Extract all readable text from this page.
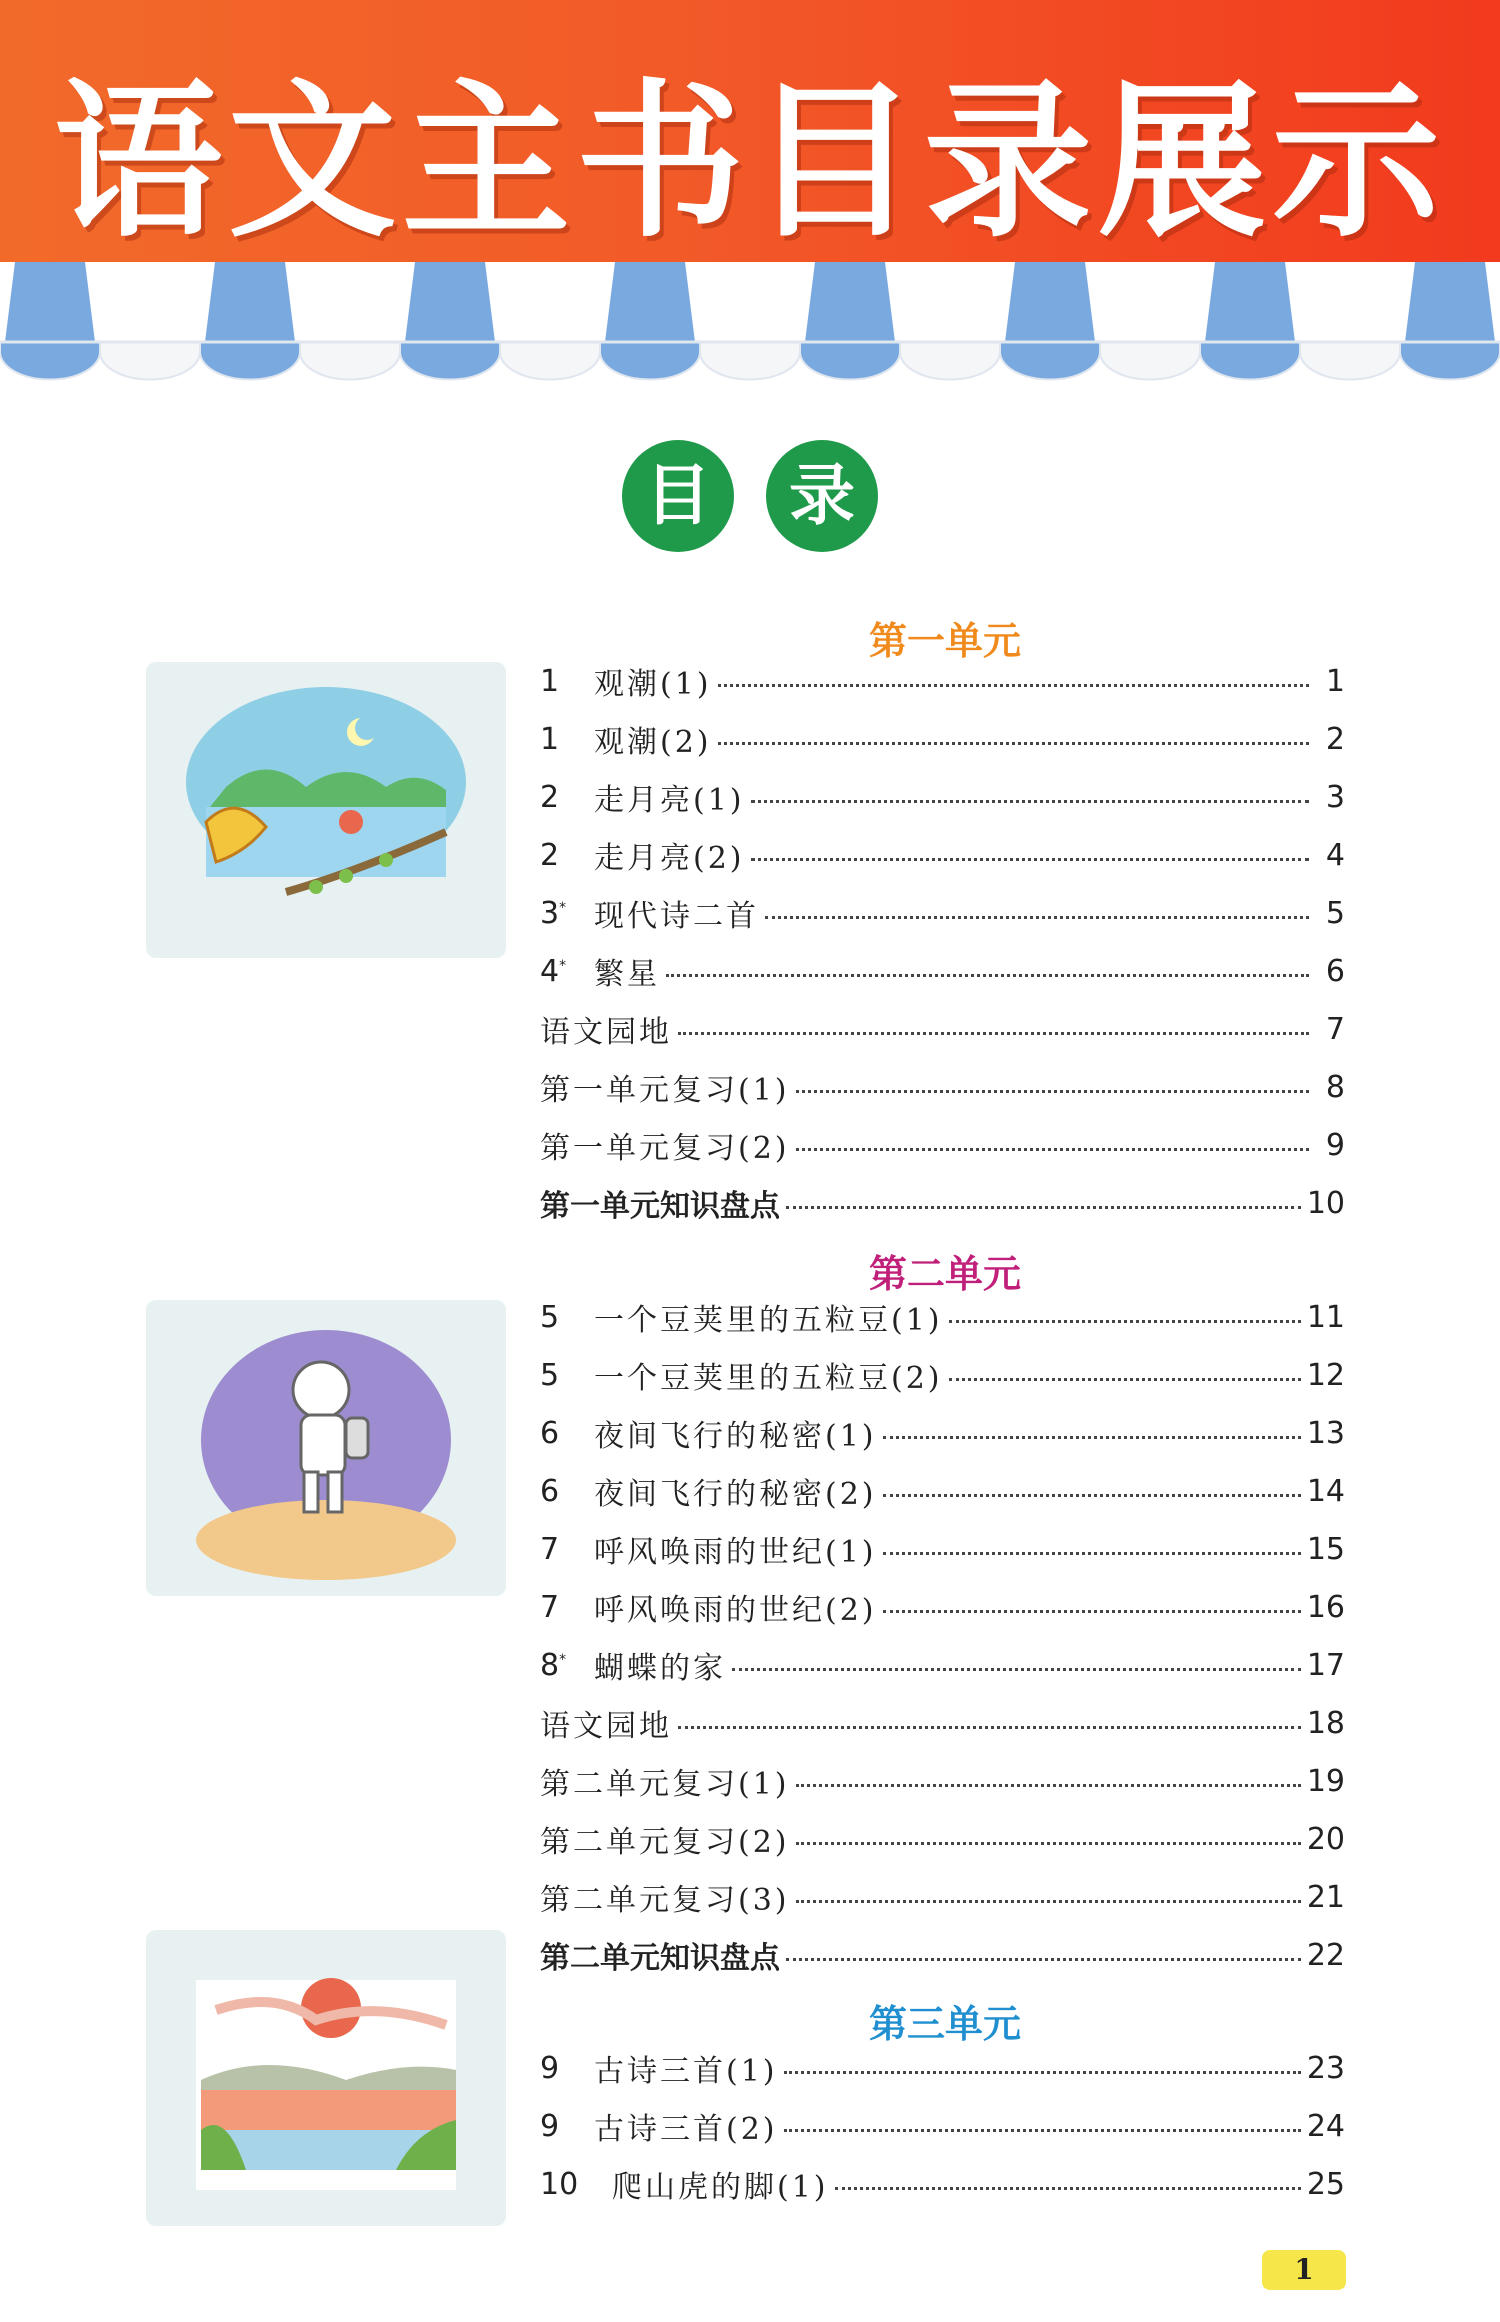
语文主书目录展示
目 录
第一单元
第二单元
第三单元
1	观潮(1)	1
1	观潮(2)	2
2	走月亮(1)	3
2	走月亮(2)	4
3* 现代诗二首	5
4* 繁星	6
语文园地	7
第一单元复习(1)	8
第一单元复习(2)	9
第一单元知识盘点	10
5	一个豆荚里的五粒豆(1)	11
5	一个豆荚里的五粒豆(2)	12
6	夜间飞行的秘密(1)	13
6	夜间飞行的秘密(2)	14
7	呼风唤雨的世纪(1)	15
7	呼风唤雨的世纪(2)	16
8* 蝴蝶的家	17
语文园地	18
第二单元复习(1)	19
第二单元复习(2)	20
第二单元复习(3)	21
第二单元知识盘点	22
9	古诗三首(1)	23
9	古诗三首(2)	24
10	爬山虎的脚(1)	25
1
